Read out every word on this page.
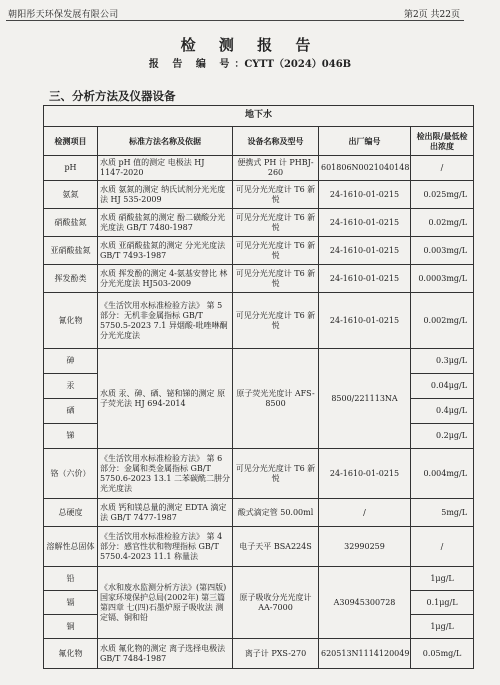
朝阳彤天环保发展有限公司	第2页 共22页
检 测 报 告
报 告 编 号：CYTT（2024）046B
三、分析方法及仪器设备
地下水				
检测项目	标准方法名称及依据	设备名称及型号	出厂编号	检出限/最低检出浓度
pH	水质 pH 值的测定 电极法 HJ 1147-2020	便携式 PH 计 PHBJ-260	601806N0021040148	/
氨氮	水质 氨氮的测定 纳氏试剂分光光度法 HJ 535-2009	可见分光光度计 T6 新悦	24-1610-01-0215	0.025mg/L
硝酸盐氮	水质 硝酸盐氮的测定 酚二磺酸分光光度法 GB/T 7480-1987	可见分光光度计 T6 新悦	24-1610-01-0215	0.02mg/L
亚硝酸盐氮	水质 亚硝酸盐氮的测定 分光光度法 GB/T 7493-1987	可见分光光度计 T6 新悦	24-1610-01-0215	0.003mg/L
挥发酚类	水质 挥发酚的测定 4-氨基安替比 林分光光度法 HJ503-2009	可见分光光度计 T6 新悦	24-1610-01-0215	0.0003mg/L
氰化物	《生活饮用水标准检验方法》 第 5 部分：无机非金属指标 GB/T 5750.5-2023 7.1 异烟酸-吡唑啉酮分光光度法	可见分光光度计 T6 新悦	24-1610-01-0215	0.002mg/L
砷	水质 汞、砷、硒、铋和锑的测定 原子荧光法 HJ 694-2014	原子荧光光度计 AFS-8500	8500/221113NA	0.3μg/L
汞				0.04μg/L
硒				0.4μg/L
锑				0.2μg/L
铬（六价）	《生活饮用水标准检验方法》 第 6 部分：金属和类金属指标 GB/T 5750.6-2023 13.1 二苯碳酰二肼分光光度法	可见分光光度计 T6 新悦	24-1610-01-0215	0.004mg/L
总硬度	水质 钙和镁总量的测定 EDTA 滴定法 GB/T 7477-1987	酸式滴定管 50.00ml	/	5mg/L
溶解性总固体	《生活饮用水标准检验方法》 第 4 部分：感官性状和物理指标 GB/T 5750.4-2023 11.1 称量法	电子天平 BSA224S	32990259	/
铅	《水和废水监测分析方法》(第四版) 国家环境保护总局(2002年) 第三篇 第四章 七(四)石墨炉原子吸收法 测定镉、铜和铅	原子吸收分光光度计 AA-7000	A30945300728	1μg/L
镉				0.1μg/L
铜				1μg/L
氟化物	水质 氟化物的测定 离子选择电极法 GB/T 7484-1987	离子计 PXS-270	620513N1114120049	0.05mg/L
